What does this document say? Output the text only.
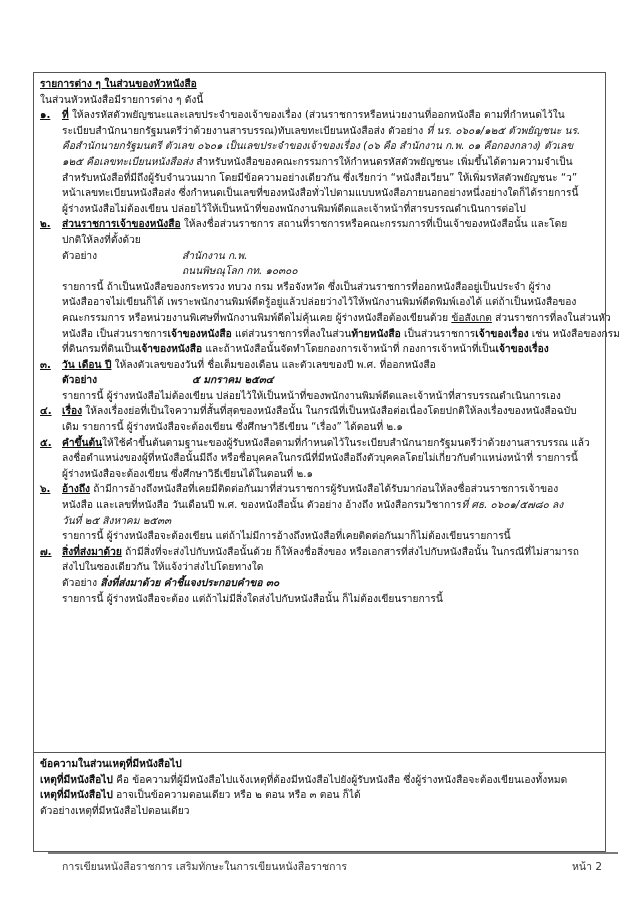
รายการต่าง ๆ ในส่วนของหัวหนังสือ
ในส่วนหัวหนังสือมีรายการต่าง ๆ ดังนี้
๑.	ที่ ให้ลงรหัสตัวพยัญชนะและเลขประจำของเจ้าของเรื่อง (ส่วนราชการหรือหน่วยงานที่ออกหนังสือ ตามที่กำหนดไว้ใน
ระเบียบสำนักนายกรัฐมนตรีว่าด้วยงานสารบรรณ)ทับเลขทะเบียนหนังสือส่ง ตัวอย่าง ที่ นร. ๐๖๐๑/๑๒๕ ตัวพยัญชนะ นร.
คือสำนักนายกรัฐมนตรี ตัวเลข ๐๖๐๑ เป็นเลขประจำของเจ้าของเรื่อง (๐๖ คือ สำนักงาน ก.พ. ๐๑ คือกองกลาง) ตัวเลข
๑๒๕ คือเลขทะเบียนหนังสือส่ง สำหรับหนังสือของคณะกรรมการให้กำหนดรหัสตัวพยัญชนะ เพิ่มขึ้นได้ตามความจำเป็น
สำหรับหนังสือที่มีถึงผู้รับจำนวนมาก โดยมีข้อความอย่างเดียวกัน ซึ่งเรียกว่า “หนังสือเวียน” ให้เพิ่มรหัสตัวพยัญชนะ “ว”
หน้าเลขทะเบียนหนังสือส่ง ซึ่งกำหนดเป็นเลขที่ของหนังสือทั่วไปตามแบบหนังสือภายนอกอย่างหนึ่งอย่างใดก็ได้รายการนี้
ผู้ร่างหนังสือไม่ต้องเขียน ปล่อยไว้ให้เป็นหน้าที่ของพนักงานพิมพ์ดีดและเจ้าหน้าที่สารบรรณดำเนินการต่อไป
๒.	ส่วนราชการเจ้าของหนังสือ ให้ลงชื่อส่วนราชการ สถานที่ราชการหรือคณะกรรมการที่เป็นเจ้าของหนังสือนั้น และโดย
ปกติให้ลงที่ตั้งด้วย
ตัวอย่าง	สำนักงาน ก.พ.
ถนนพิษณุโลก กท. ๑๐๓๐๐
รายการนี้ ถ้าเป็นหนังสือของกระทรวง ทบวง กรม หรือจังหวัด ซึ่งเป็นส่วนราชการที่ออกหนังสืออยู่เป็นประจำ ผู้ร่าง
หนังสืออาจไม่เขียนก็ได้ เพราะพนักงานพิมพ์ดีดรู้อยู่แล้วปล่อยว่างไว้ให้พนักงานพิมพ์ดีดพิมพ์เองได้ แต่ถ้าเป็นหนังสือของ
คณะกรรมการ หรือหน่วยงานพิเศษที่พนักงานพิมพ์ดีดไม่คุ้นเคย ผู้ร่างหนังสือต้องเขียนด้วย ข้อสังเกต ส่วนราชการที่ลงในส่วนหัว
หนังสือ เป็นส่วนราชการเจ้าของหนังสือ แต่ส่วนราชการที่ลงในส่วนท้ายหนังสือ เป็นส่วนราชการเจ้าของเรื่อง เช่น หนังสือของกรม
ที่ดินกรมที่ดินเป็นเจ้าของหนังสือ และถ้าหนังสือนั้นจัดทำโดยกองการเจ้าหน้าที่ กองการเจ้าหน้าที่เป็นเจ้าของเรื่อง
๓.	วัน เดือน ปี ให้ลงตัวเลขของวันที่ ชื่อเต็มของเดือน และตัวเลขของปี พ.ศ. ที่ออกหนังสือ
ตัวอย่าง	๕ มกราคม ๒๕๓๔
รายการนี้ ผู้ร่างหนังสือไม่ต้องเขียน ปล่อยไว้ให้เป็นหน้าที่ของพนักงานพิมพ์ดีดและเจ้าหน้าที่สารบรรณดำเนินการเอง
๔.	เรื่อง ให้ลงเรื่องย่อที่เป็นใจความที่สั้นที่สุดของหนังสือนั้น ในกรณีที่เป็นหนังสือต่อเนื่องโดยปกติให้ลงเรื่องของหนังสือฉบับ
เดิม รายการนี้ ผู้ร่างหนังสือจะต้องเขียน ซึ่งศึกษาวิธีเขียน “เรื่อง” ได้ตอนที่ ๒.๑
๕.	คำขึ้นต้นให้ใช้คำขึ้นต้นตามฐานะของผู้รับหนังสือตามที่กำหนดไว้ในระเบียบสำนักนายกรัฐมนตรีว่าด้วยงานสารบรรณ แล้ว
ลงชื่อตำแหน่งของผู้ที่หนังสือนั้นมีถึง หรือชื่อบุคคลในกรณีที่มีหนังสือถึงตัวบุคคลโดยไม่เกี่ยวกับตำแหน่งหน้าที่ รายการนี้
ผู้ร่างหนังสือจะต้องเขียน ซึ่งศึกษาวิธีเขียนได้ในตอนที่ ๒.๑
๖.	อ้างถึง ถ้ามีการอ้างถึงหนังสือที่เคยมีติดต่อกันมาที่ส่วนราชการผู้รับหนังสือได้รับมาก่อนให้ลงชื่อส่วนราชการเจ้าของ
หนังสือ และเลขที่หนังสือ วันเดือนปี พ.ศ. ของหนังสือนั้น ตัวอย่าง อ้างถึง หนังสือกรมวิชาการที่ ศธ. ๐๖๐๑/๕๗๘๐ ลง
วันที่ ๒๕ สิงหาคม ๒๕๓๓
รายการนี้ ผู้ร่างหนังสือจะต้องเขียน แต่ถ้าไม่มีการอ้างถึงหนังสือที่เคยติดต่อกันมาก็ไม่ต้องเขียนรายการนี้
๗.	สิ่งที่ส่งมาด้วย ถ้ามีสิ่งที่จะส่งไปกับหนังสือนั้นด้วย ก็ให้ลงชื่อสิ่งของ หรือเอกสารที่ส่งไปกับหนังสือนั้น ในกรณีที่ไม่สามารถ
ส่งไปในซองเดียวกัน ให้แจ้งว่าส่งไปโดยทางใด
ตัวอย่าง สิ่งที่ส่งมาด้วย คำชี้แจงประกอบคำขอ ๓๐
รายการนี้ ผู้ร่างหนังสือจะต้อง แต่ถ้าไม่มีสิ่งใดส่งไปกับหนังสือนั้น ก็ไม่ต้องเขียนรายการนี้
ข้อความในส่วนเหตุที่มีหนังสือไป
เหตุที่มีหนังสือไป คือ ข้อความที่ผู้มีหนังสือไปแจ้งเหตุที่ต้องมีหนังสือไปยังผู้รับหนังสือ ซึ่งผู้ร่างหนังสือจะต้องเขียนเองทั้งหมด
เหตุที่มีหนังสือไป อาจเป็นข้อความตอนเดียว หรือ ๒ ตอน หรือ ๓ ตอน ก็ได้
ตัวอย่างเหตุที่มีหนังสือไปตอนเดียว
การเขียนหนังสือราชการ เสริมทักษะในการเขียนหนังสือราชการ	หน้า 2
